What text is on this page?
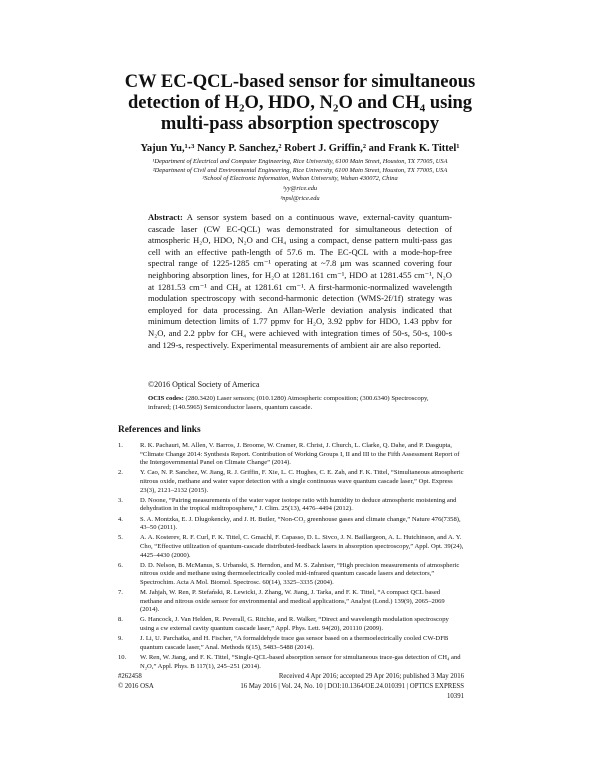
CW EC-QCL-based sensor for simultaneous
detection of H₂O, HDO, N₂O and CH₄ using
multi-pass absorption spectroscopy
Yajun Yu,¹·³ Nancy P. Sanchez,² Robert J. Griffin,² and Frank K. Tittel¹
¹Department of Electrical and Computer Engineering, Rice University, 6100 Main Street, Houston, TX 77005, USA
²Department of Civil and Environmental Engineering, Rice University, 6100 Main Street, Houston, TX 77005, USA
³School of Electronic Information, Wuhan University, Wuhan 430072, China
¹yy@rice.edu
³npsl@rice.edu
Abstract: A sensor system based on a continuous wave, external-cavity quantum-cascade laser (CW EC-QCL) was demonstrated for simultaneous detection of atmospheric H₂O, HDO, N₂O and CH₄ using a compact, dense pattern multi-pass gas cell with an effective path-length of 57.6 m. The EC-QCL with a mode-hop-free spectral range of 1225-1285 cm⁻¹ operating at ~7.8 μm was scanned covering four neighboring absorption lines, for H₂O at 1281.161 cm⁻¹, HDO at 1281.455 cm⁻¹, N₂O at 1281.53 cm⁻¹ and CH₄ at 1281.61 cm⁻¹. A first-harmonic-normalized wavelength modulation spectroscopy with second-harmonic detection (WMS-2f/1f) strategy was employed for data processing. An Allan-Werle deviation analysis indicated that minimum detection limits of 1.77 ppmv for H₂O, 3.92 ppbv for HDO, 1.43 ppbv for N₂O, and 2.2 ppbv for CH₄ were achieved with integration times of 50-s, 50-s, 100-s and 129-s, respectively. Experimental measurements of ambient air are also reported.
©2016 Optical Society of America
OCIS codes: (280.3420) Laser sensors; (010.1280) Atmospheric composition; (300.6340) Spectroscopy, infrared; (140.5965) Semiconductor lasers, quantum cascade.
References and links
1.	R. K. Pachauri, M. Allen, V. Barros, J. Broome, W. Cramer, R. Christ, J. Church, L. Clarke, Q. Dahe, and P. Dasgupta, “Climate Change 2014: Synthesis Report. Contribution of Working Groups I, II and III to the Fifth Assessment Report of the Intergovernmental Panel on Climate Change” (2014).
2.	Y. Cao, N. P. Sanchez, W. Jiang, R. J. Griffin, F. Xie, L. C. Hughes, C. E. Zah, and F. K. Tittel, “Simultaneous atmospheric nitrous oxide, methane and water vapor detection with a single continuous wave quantum cascade laser,” Opt. Express 23(3), 2121–2132 (2015).
3.	D. Noone, “Pairing measurements of the water vapor isotope ratio with humidity to deduce atmospheric moistening and dehydration in the tropical midtroposphere,” J. Clim. 25(13), 4476–4494 (2012).
4.	S. A. Montzka, E. J. Dlugokencky, and J. H. Butler, “Non-CO₂ greenhouse gases and climate change,” Nature 476(7358), 43–50 (2011).
5.	A. A. Kosterev, R. F. Curl, F. K. Tittel, C. Gmachl, F. Capasso, D. L. Sivco, J. N. Baillargeon, A. L. Hutchinson, and A. Y. Cho, “Effective utilization of quantum-cascade distributed-feedback lasers in absorption spectroscopy,” Appl. Opt. 39(24), 4425–4430 (2000).
6.	D. D. Nelson, B. McManus, S. Urbanski, S. Herndon, and M. S. Zahniser, “High precision measurements of atmospheric nitrous oxide and methane using thermoelectrically cooled mid-infrared quantum cascade lasers and detectors,” Spectrochim. Acta A Mol. Biomol. Spectrosc. 60(14), 3325–3335 (2004).
7.	M. Jahjah, W. Ren, P. Stefański, R. Lewicki, J. Zhang, W. Jiang, J. Tarka, and F. K. Tittel, “A compact QCL based methane and nitrous oxide sensor for environmental and medical applications,” Analyst (Lond.) 139(9), 2065–2069 (2014).
8.	G. Hancock, J. Van Helden, R. Peverall, G. Ritchie, and R. Walker, “Direct and wavelength modulation spectroscopy using a cw external cavity quantum cascade laser,” Appl. Phys. Lett. 94(20), 201110 (2009).
9.	J. Li, U. Parchatka, and H. Fischer, “A formaldehyde trace gas sensor based on a thermoelectrically cooled CW-DFB quantum cascade laser,” Anal. Methods 6(15), 5483–5488 (2014).
10.	W. Ren, W. Jiang, and F. K. Tittel, “Single-QCL-based absorption sensor for simultaneous trace-gas detection of CH₄ and N₂O,” Appl. Phys. B 117(1), 245–251 (2014).
#262458
© 2016 OSA
Received 4 Apr 2016; accepted 29 Apr 2016; published 3 May 2016
16 May 2016 | Vol. 24, No. 10 | DOI:10.1364/OE.24.010391 | OPTICS EXPRESS 10391
